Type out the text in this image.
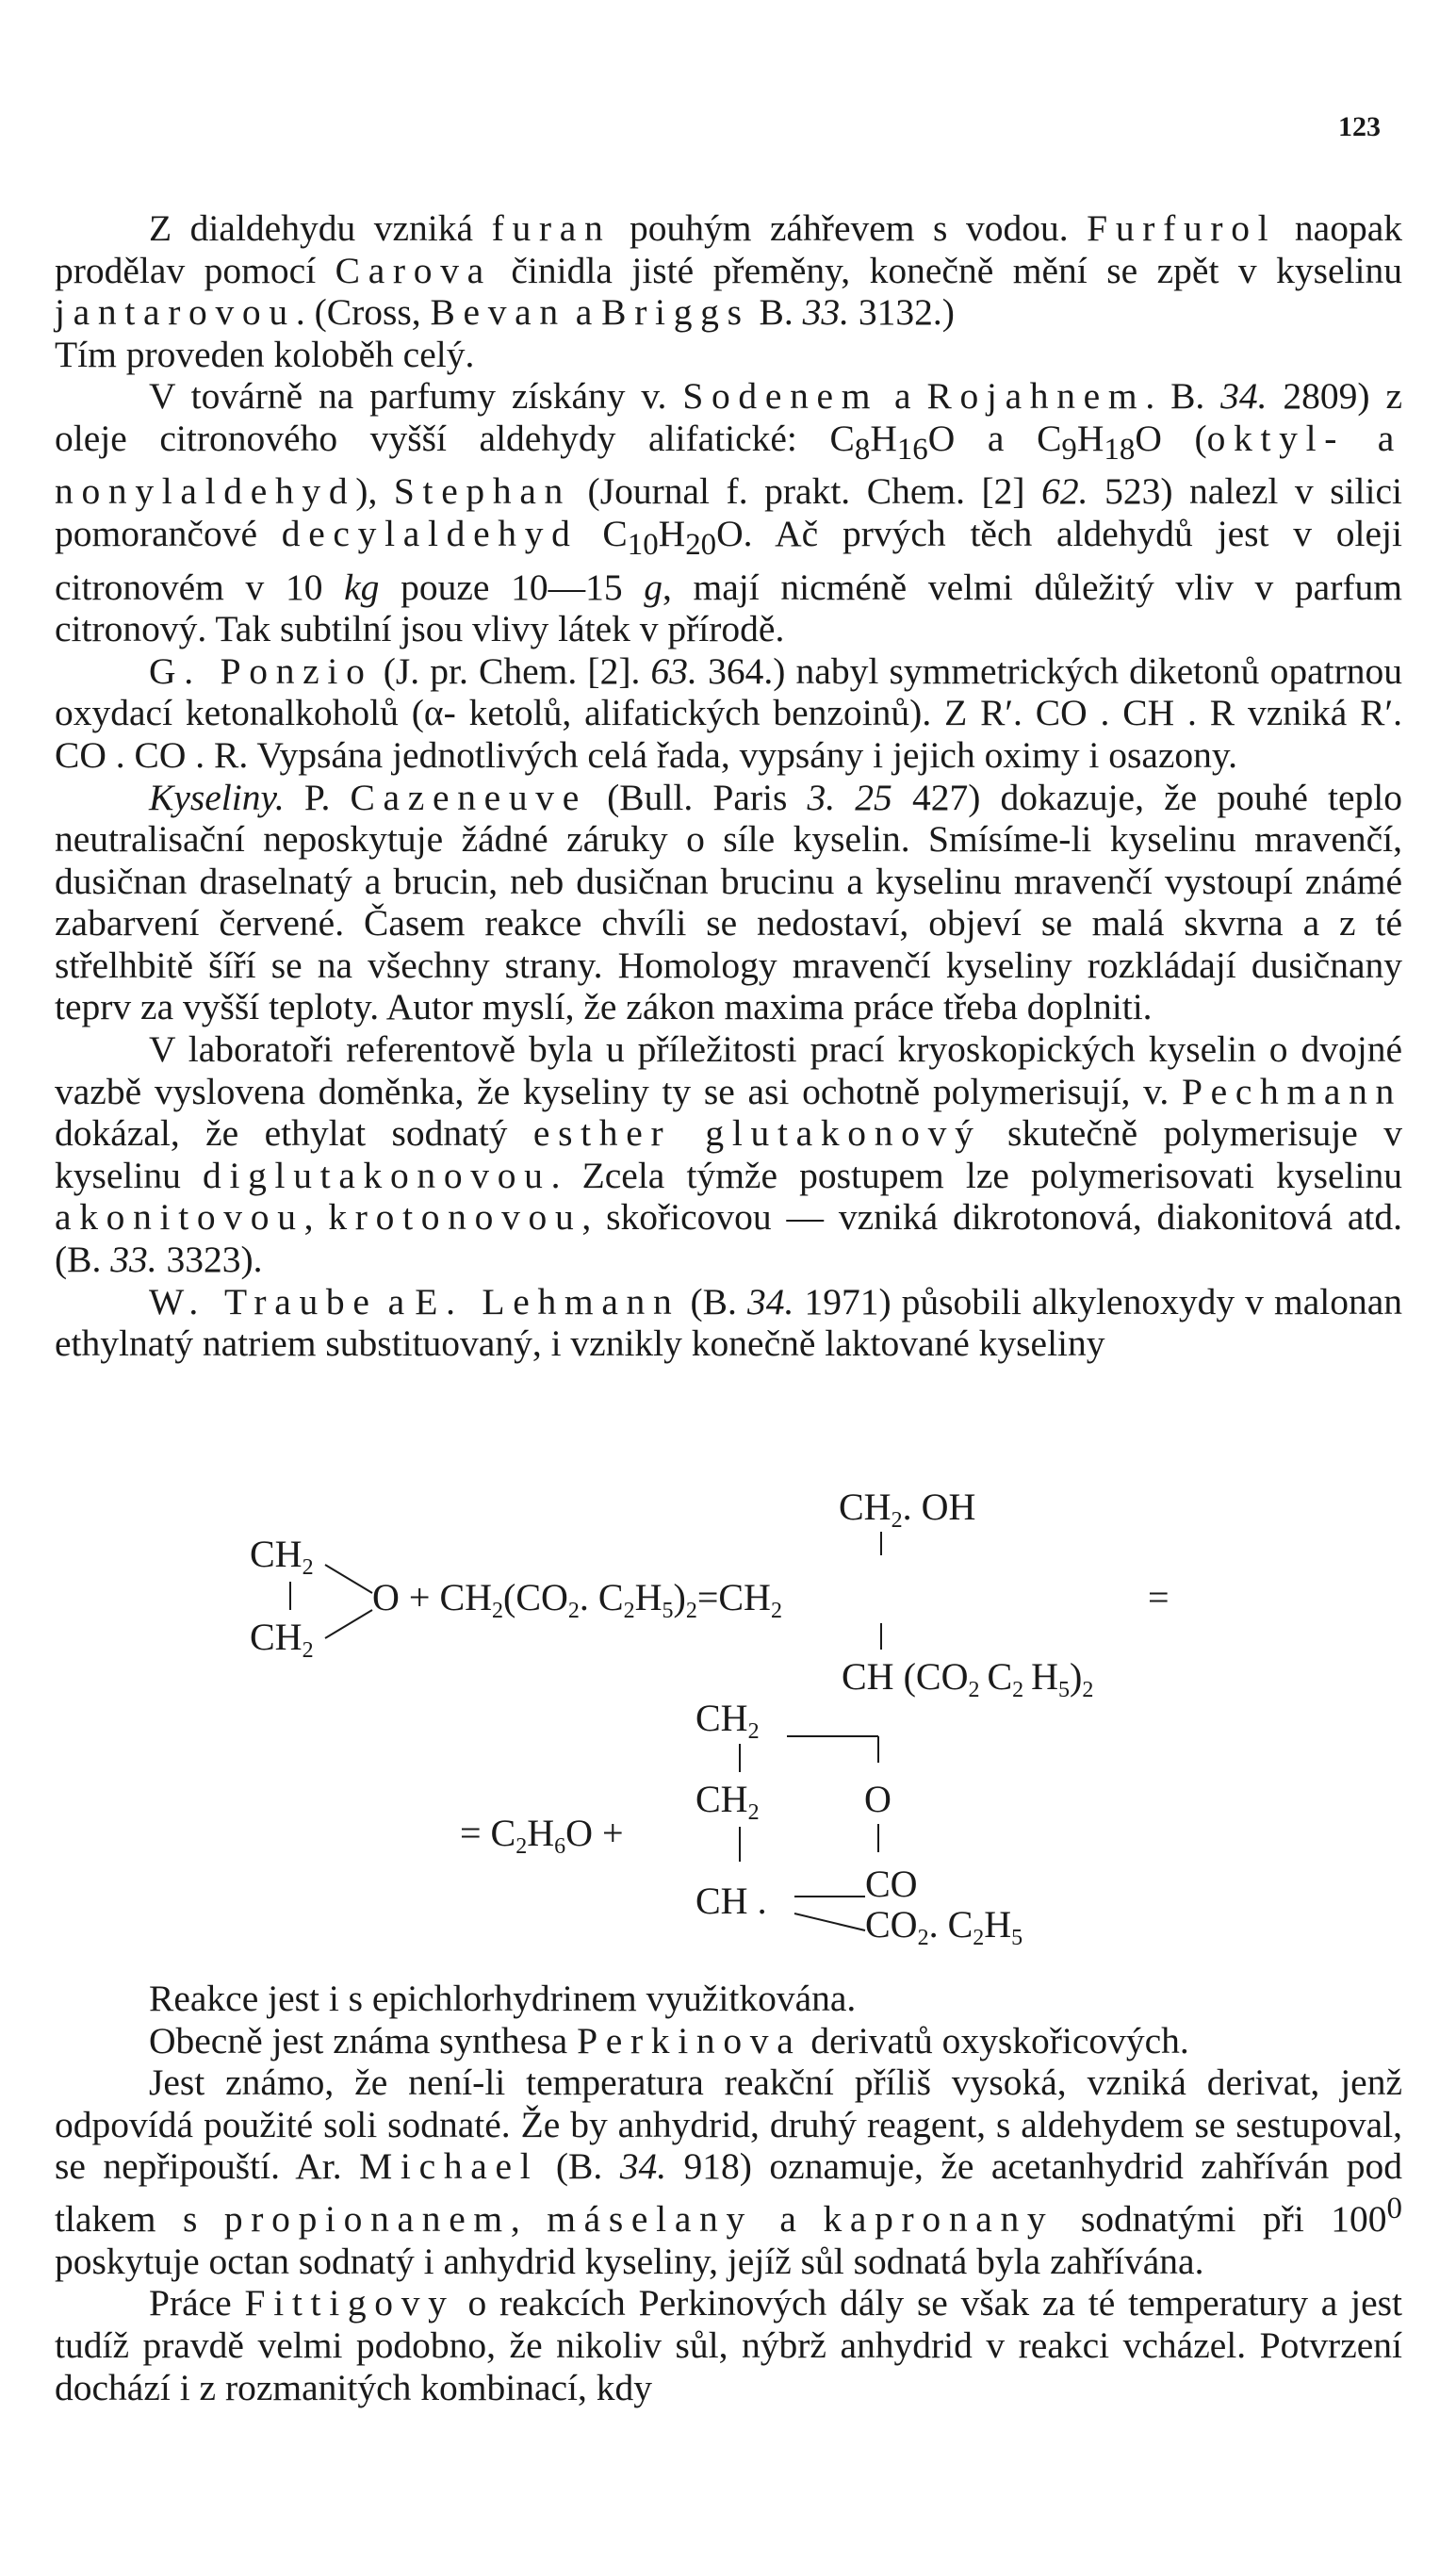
123

Z dialdehydu vzniká furan pouhým záhřevem s vodou. Furfurol naopak prodělav pomocí Carova činidla jisté přeměny, konečně mění se zpět v kyselinu jantarovou. (Cross, Bevan a Briggs B. 33. 3132.)

Tím proveden koloběh celý.

V továrně na parfumy získány v. Sodenem a Rojahnem. B. 34. 2809) z oleje citronového vyšší aldehydy alifatické: $C_8H_{16}O$ a $C_9H_{18}O$ (oktyl- a nonylaldehyd), Stephan (Journal f. prakt. Chem. [2] 62. 523) nalezl v silici pomorančové decylaldehyd $C_{10}H_{20}O$. Ač prvých těch aldehydů jest v oleji citronovém v 10 kg pouze 10—15 g, mají nicméně velmi důležitý vliv v parfum citronový. Tak subtilní jsou vlivy látek v přírodě.

G. Ponzio (J. pr. Chem. [2]. 63. 364.) nabyl symmetrických diketonů opatrnou oxydací ketonalkoholů (α- ketolů, alifatických benzoinů). Z R′. CO . CH . R vzniká R′. CO . CO . R. Vypsána jednotlivých celá řada, vypsány i jejich oximy i osazony.

Kyseliny. P. Cazeneuve (Bull. Paris 3. 25 427) dokazuje, že pouhé teplo neutralisační neposkytuje žádné záruky o síle kyselin. Smísíme-li kyselinu mravenčí, dusičnan draselnatý a brucin, neb dusičnan brucinu a kyselinu mravenčí vystoupí známé zabarvení červené. Časem reakce chvíli se nedostaví, objeví se malá skvrna a z té střelhbitě šíří se na všechny strany. Homology mravenčí kyseliny rozkládají dusičnany teprv za vyšší teploty. Autor myslí, že zákon maxima práce třeba doplniti.

V laboratoři referentově byla u příležitosti prací kryoskopických kyselin o dvojné vazbě vyslovena doměnka, že kyseliny ty se asi ochotně polymerisují, v. Pechmann dokázal, že ethylat sodnatý esther glutakonový skutečně polymerisuje v kyselinu diglutakonovou. Zcela týmže postupem lze polymerisovati kyselinu akonitovou, krotonovou, skořicovou — vzniká dikrotonová, diakonitová atd. (B. 33. 3323).

W. Traube a E. Lehmann (B. 34. 1971) působili alkylenoxydy v malonan ethylnatý natriem substituovaný, i vznikly konečně laktované kyseliny

$CH_2$. OH
$CH_2$
$CH_2$
$O + CH_2(CO_2$. $C_2H_5)_2=CH_2$	=
CH ($CO_2$ $C_2$ $H_5)_2$
$CH_2$
= $C_2H_6O$ +
$CH_2$	O
CH .	CO
$CO_2$. $C_2H_5$

Reakce jest i s epichlorhydrinem využitkována.

Obecně jest známa synthesa Perkinova derivatů oxyskořicových.

Jest známo, že není-li temperatura reakční příliš vysoká, vzniká derivat, jenž odpovídá použité soli sodnaté. Že by anhydrid, druhý reagent, s aldehydem se sestupoval, se nepřipouští. Ar. Michael (B. 34. 918) oznamuje, že acetanhydrid zahříván pod tlakem s propionanem, máselany a kapronany sodnatými při $100^0$ poskytuje octan sodnatý i anhydrid kyseliny, jejíž sůl sodnatá byla zahřívána.

Práce Fittigovy o reakcích Perkinových dály se však za té temperatury a jest tudíž pravdě velmi podobno, že nikoliv sůl, nýbrž anhydrid v reakci vcházel. Potvrzení dochází i z rozmanitých kombinací, kdy
